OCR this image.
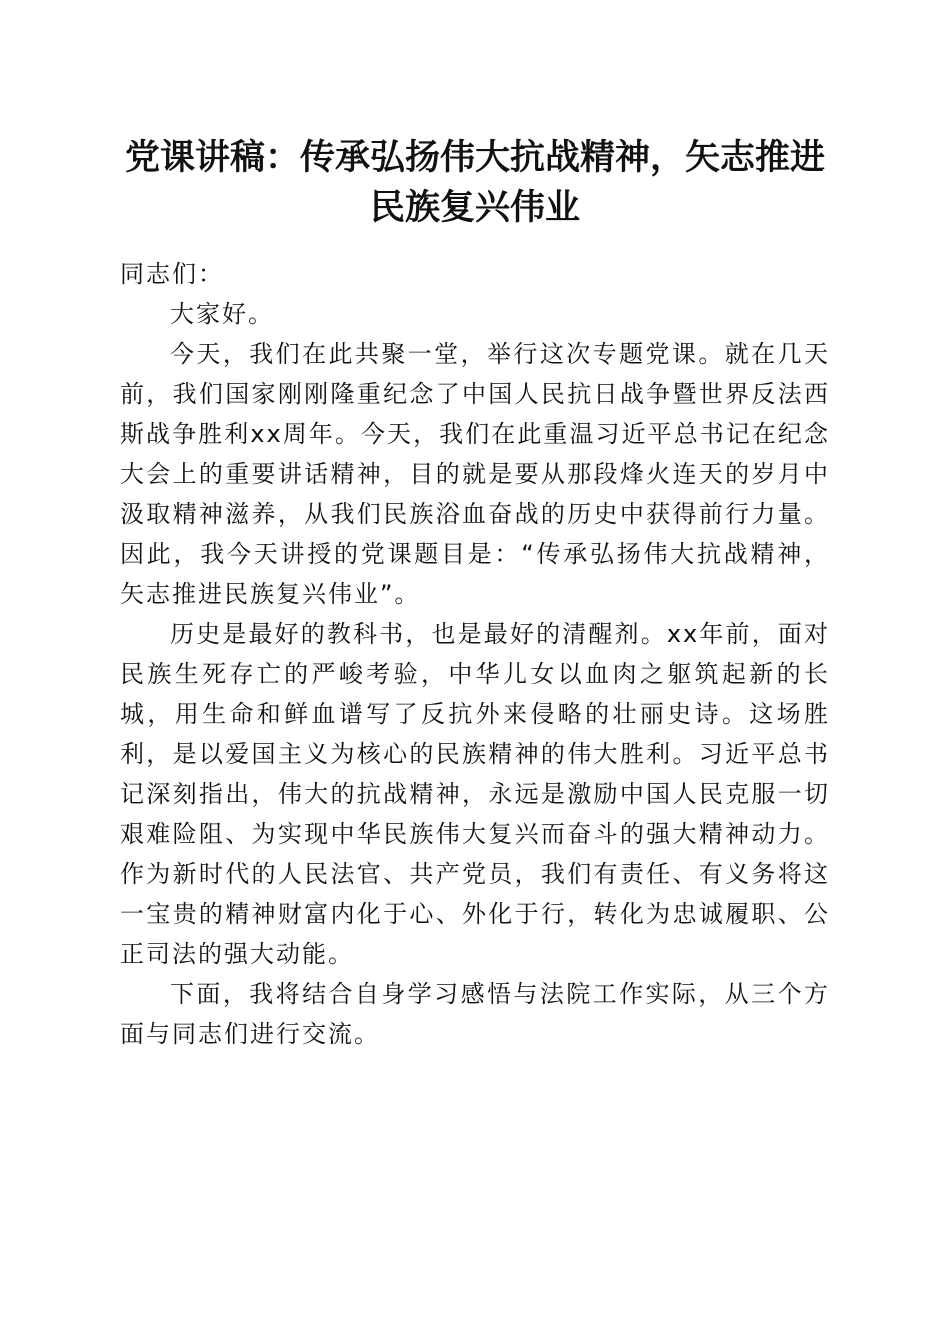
党课讲稿：传承弘扬伟大抗战精神，矢志推进
民族复兴伟业

同志们：

大家好。

今天，我们在此共聚一堂，举行这次专题党课。就在几天前，我们国家刚刚隆重纪念了中国人民抗日战争暨世界反法西斯战争胜利xx周年。今天，我们在此重温习近平总书记在纪念大会上的重要讲话精神，目的就是要从那段烽火连天的岁月中汲取精神滋养，从我们民族浴血奋战的历史中获得前行力量。因此，我今天讲授的党课题目是：“传承弘扬伟大抗战精神，矢志推进民族复兴伟业”。

历史是最好的教科书，也是最好的清醒剂。xx年前，面对民族生死存亡的严峻考验，中华儿女以血肉之躯筑起新的长城，用生命和鲜血谱写了反抗外来侵略的壮丽史诗。这场胜利，是以爱国主义为核心的民族精神的伟大胜利。习近平总书记深刻指出，伟大的抗战精神，永远是激励中国人民克服一切艰难险阻、为实现中华民族伟大复兴而奋斗的强大精神动力。作为新时代的人民法官、共产党员，我们有责任、有义务将这一宝贵的精神财富内化于心、外化于行，转化为忠诚履职、公正司法的强大动能。

下面，我将结合自身学习感悟与法院工作实际，从三个方面与同志们进行交流。
